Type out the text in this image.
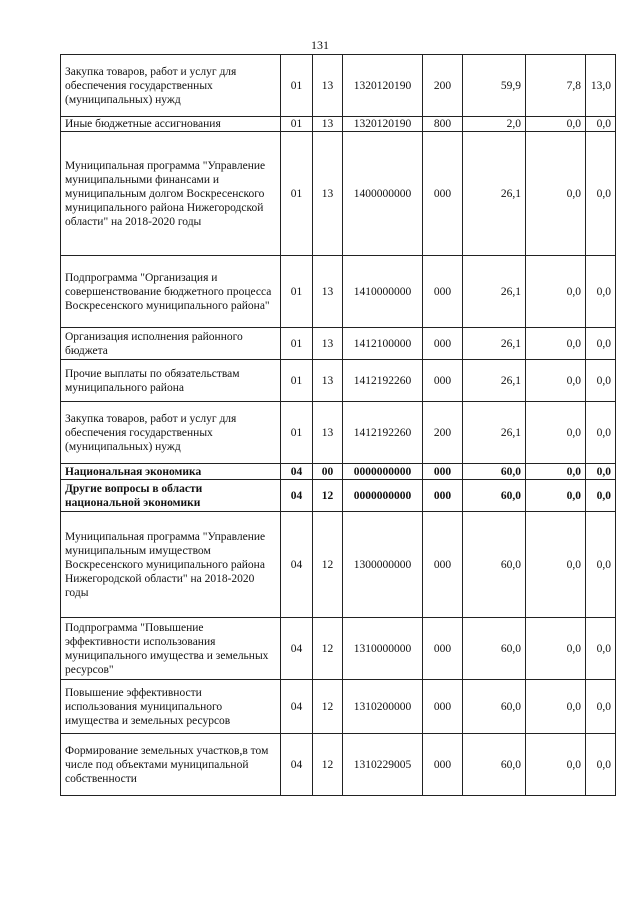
131
Закупка товаров, работ и услуг для обеспечения государственных (муниципальных) нужд	01	13	1320120190	200	59,9	7,8	13,0
Иные бюджетные ассигнования	01	13	1320120190	800	2,0	0,0	0,0
Муниципальная программа "Управление муниципальными финансами и муниципальным долгом Воскресенского муниципального района Нижегородской области" на 2018-2020 годы	01	13	1400000000	000	26,1	0,0	0,0
Подпрограмма "Организация и совершенствование бюджетного процесса Воскресенского муниципального района"	01	13	1410000000	000	26,1	0,0	0,0
Организация исполнения районного бюджета	01	13	1412100000	000	26,1	0,0	0,0
Прочие выплаты по обязательствам муниципального района	01	13	1412192260	000	26,1	0,0	0,0
Закупка товаров, работ и услуг для обеспечения государственных (муниципальных) нужд	01	13	1412192260	200	26,1	0,0	0,0
Национальная экономика	04	00	0000000000	000	60,0	0,0	0,0
Другие вопросы в области национальной экономики	04	12	0000000000	000	60,0	0,0	0,0
Муниципальная программа "Управление муниципальным имуществом Воскресенского муниципального района Нижегородской области" на 2018-2020 годы	04	12	1300000000	000	60,0	0,0	0,0
Подпрограмма "Повышение эффективности использования муниципального имущества и земельных ресурсов"	04	12	1310000000	000	60,0	0,0	0,0
Повышение эффективности использования муниципального имущества и земельных ресурсов	04	12	1310200000	000	60,0	0,0	0,0
Формирование земельных участков,в том числе под объектами муниципальной собственности	04	12	1310229005	000	60,0	0,0	0,0
